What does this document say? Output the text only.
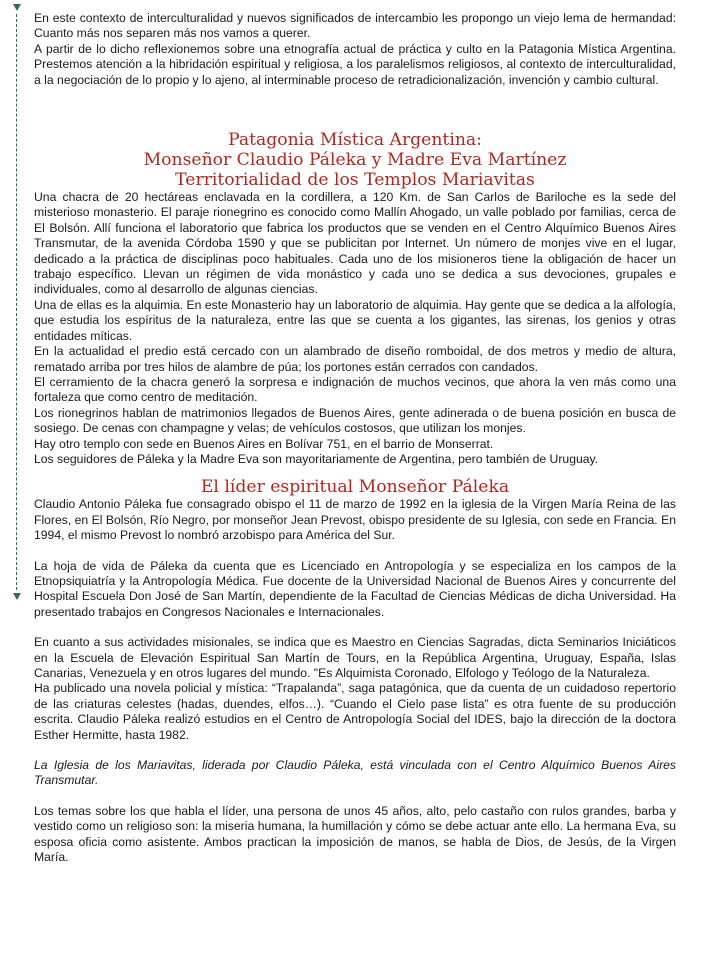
En este contexto de interculturalidad y nuevos significados de intercambio les propongo un viejo lema de hermandad: Cuanto más nos separen más nos vamos a querer.

A partir de lo dicho reflexionemos sobre una etnografía actual de práctica y culto en la Patagonia Mística Argentina. Prestemos atención a la hibridación espiritual y religiosa, a los paralelismos religiosos, al contexto de interculturalidad, a la negociación de lo propio y lo ajeno, al interminable proceso de retradicionalización, invención y cambio cultural.

Patagonia Mística Argentina:
Monseñor Claudio Páleka y Madre Eva Martínez
Territorialidad de los Templos Mariavitas

Una chacra de 20 hectáreas enclavada en la cordillera, a 120 Km. de San Carlos de Bariloche es la sede del misterioso monasterio. El paraje rionegrino es conocido como Mallín Ahogado, un valle poblado por familias, cerca de El Bolsón. Allí funciona el laboratorio que fabrica los productos que se venden en el Centro Alquímico Buenos Aires Transmutar, de la avenida Córdoba 1590 y que se publicitan por Internet. Un número de monjes vive en el lugar, dedicado a la práctica de disciplinas poco habituales. Cada uno de los misioneros tiene la obligación de hacer un trabajo específico. Llevan un régimen de vida monástico y cada uno se dedica a sus devociones, grupales e individuales, como al desarrollo de algunas ciencias.

Una de ellas es la alquimia. En este Monasterio hay un laboratorio de alquimia. Hay gente que se dedica a la alfología, que estudia los espíritus de la naturaleza, entre las que se cuenta a los gigantes, las sirenas, los genios y otras entidades míticas.

En la actualidad el predio está cercado con un alambrado de diseño romboidal, de dos metros y medio de altura, rematado arriba por tres hilos de alambre de púa; los portones están cerrados con candados.

El cerramiento de la chacra generó la sorpresa e indignación de muchos vecinos, que ahora la ven más como una fortaleza que como centro de meditación.

Los rionegrinos hablan de matrimonios llegados de Buenos Aires, gente adinerada o de buena posición en busca de sosiego. De cenas con champagne y velas; de vehículos costosos, que utilizan los monjes.

Hay otro templo con sede en Buenos Aires en Bolívar 751, en el barrio de Monserrat.

Los seguidores de Páleka y la Madre Eva son mayoritariamente de Argentina, pero también de Uruguay.

El líder espiritual Monseñor Páleka

Claudio Antonio Páleka fue consagrado obispo el 11 de marzo de 1992 en la iglesia de la Virgen María Reina de las Flores, en El Bolsón, Río Negro, por monseñor Jean Prevost, obispo presidente de su Iglesia, con sede en Francia. En 1994, el mismo Prevost lo nombró arzobispo para América del Sur.

La hoja de vida de Páleka da cuenta que es Licenciado en Antropología y se especializa en los campos de la Etnopsiquiatría y la Antropología Médica. Fue docente de la Universidad Nacional de Buenos Aires y concurrente del Hospital Escuela Don José de San Martín, dependiente de la Facultad de Ciencias Médicas de dicha Universidad. Ha presentado trabajos en Congresos Nacionales e Internacionales.

En cuanto a sus actividades misionales, se indica que es Maestro en Ciencias Sagradas, dicta Seminarios Iniciáticos en la Escuela de Elevación Espiritual San Martín de Tours, en la República Argentina, Uruguay, España, Islas Canarias, Venezuela y en otros lugares del mundo. "Es Alquimista Coronado, Elfologo y Teólogo de la Naturaleza.

Ha publicado una novela policial y mística: “Trapalanda”, saga patagónica, que da cuenta de un cuidadoso repertorio de las criaturas celestes (hadas, duendes, elfos…). “Cuando el Cielo pase lista” es otra fuente de su producción escrita. Claudio Páleka realizó estudios en el Centro de Antropología Social del IDES, bajo la dirección de la doctora Esther Hermitte, hasta 1982.

La Iglesia de los Mariavitas, liderada por Claudio Páleka, está vinculada con el Centro Alquímico Buenos Aires Transmutar.

Los temas sobre los que habla el líder, una persona de unos 45 años, alto, pelo castaño con rulos grandes, barba y vestido como un religioso son: la miseria humana, la humillación y cómo se debe actuar ante ello. La hermana Eva, su esposa oficia como asistente. Ambos practican la imposición de manos, se habla de Dios, de Jesús, de la Virgen María.
